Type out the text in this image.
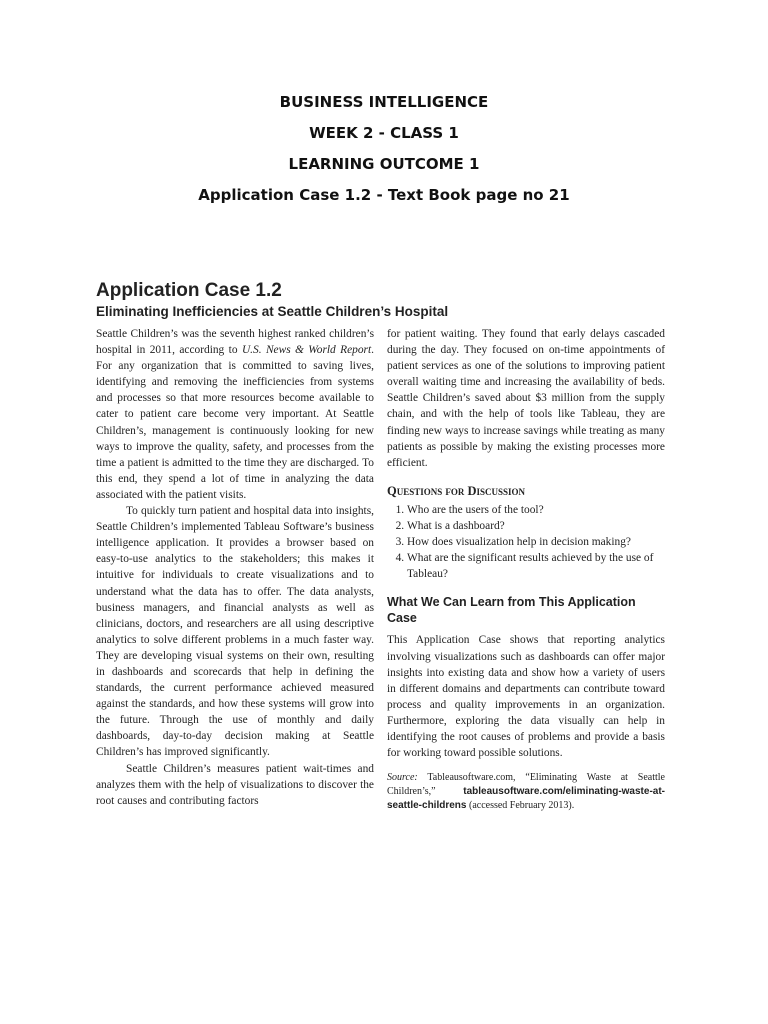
BUSINESS INTELLIGENCE

WEEK 2 - CLASS 1

LEARNING OUTCOME 1

Application Case 1.2 - Text Book page no 21

Application Case 1.2
Eliminating Inefficiencies at Seattle Children’s Hospital

Seattle Children’s was the seventh highest ranked children’s hospital in 2011, according to U.S. News & World Report. For any organization that is committed to saving lives, identifying and removing the inefficiencies from systems and processes so that more resources become available to cater to patient care become very important. At Seattle Children’s, management is continuously looking for new ways to improve the quality, safety, and processes from the time a patient is admitted to the time they are discharged. To this end, they spend a lot of time in analyzing the data associated with the patient visits.

To quickly turn patient and hospital data into insights, Seattle Children’s implemented Tableau Software’s business intelligence application. It provides a browser based on easy-to-use analytics to the stakeholders; this makes it intuitive for individuals to create visualizations and to understand what the data has to offer. The data analysts, business managers, and financial analysts as well as clinicians, doctors, and researchers are all using descriptive analytics to solve different problems in a much faster way. They are developing visual systems on their own, resulting in dashboards and scorecards that help in defining the standards, the current performance achieved measured against the standards, and how these systems will grow into the future. Through the use of monthly and daily dashboards, day-to-day decision making at Seattle Children’s has improved significantly.

Seattle Children’s measures patient wait-times and analyzes them with the help of visualizations to discover the root causes and contributing factors

for patient waiting. They found that early delays cascaded during the day. They focused on on-time appointments of patient services as one of the solutions to improving patient overall waiting time and increasing the availability of beds. Seattle Children’s saved about $3 million from the supply chain, and with the help of tools like Tableau, they are finding new ways to increase savings while treating as many patients as possible by making the existing processes more efficient.

Questions for Discussion

1. Who are the users of the tool?
2. What is a dashboard?
3. How does visualization help in decision making?
4. What are the significant results achieved by the use of Tableau?

What We Can Learn from This Application Case

This Application Case shows that reporting analytics involving visualizations such as dashboards can offer major insights into existing data and show how a variety of users in different domains and departments can contribute toward process and quality improvements in an organization. Furthermore, exploring the data visually can help in identifying the root causes of problems and provide a basis for working toward possible solutions.

Source: Tableausoftware.com, “Eliminating Waste at Seattle Children’s,” tableausoftware.com/eliminating-waste-at-seattle-childrens (accessed February 2013).
